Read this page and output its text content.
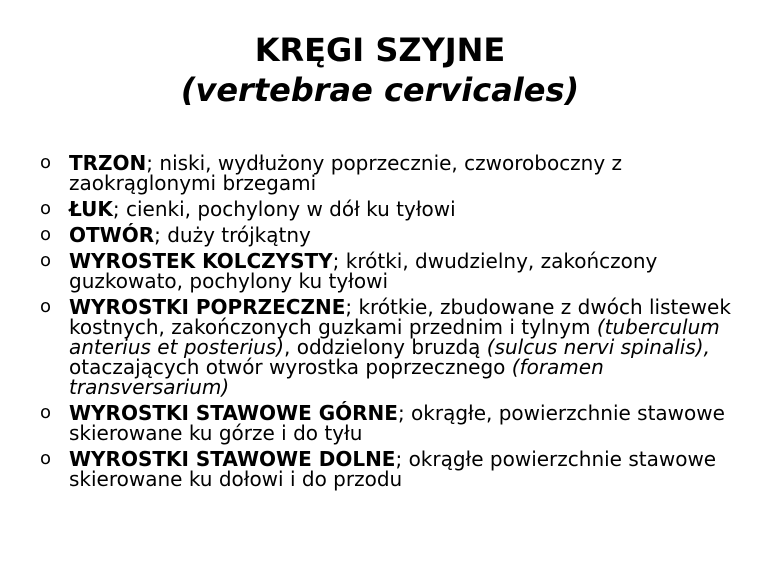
KRĘGI SZYJNE
(vertebrae cervicales)
o TRZON; niski, wydłużony poprzecznie, czworoboczny z zaokrąglonymi brzegami
o ŁUK; cienki, pochylony w dół ku tyłowi
o OTWÓR; duży trójkątny
o WYROSTEK KOLCZYSTY; krótki, dwudzielny, zakończony guzkowato, pochylony ku tyłowi
o WYROSTKI POPRZECZNE; krótkie, zbudowane z dwóch listewek kostnych, zakończonych guzkami przednim i tylnym (tuberculum anterius et posterius), oddzielony bruzdą (sulcus nervi spinalis), otaczających otwór wyrostka poprzecznego (foramen transversarium)
o WYROSTKI STAWOWE GÓRNE; okrągłe, powierzchnie stawowe skierowane ku górze i do tyłu
o WYROSTKI STAWOWE DOLNE; okrągłe powierzchnie stawowe skierowane ku dołowi i do przodu
